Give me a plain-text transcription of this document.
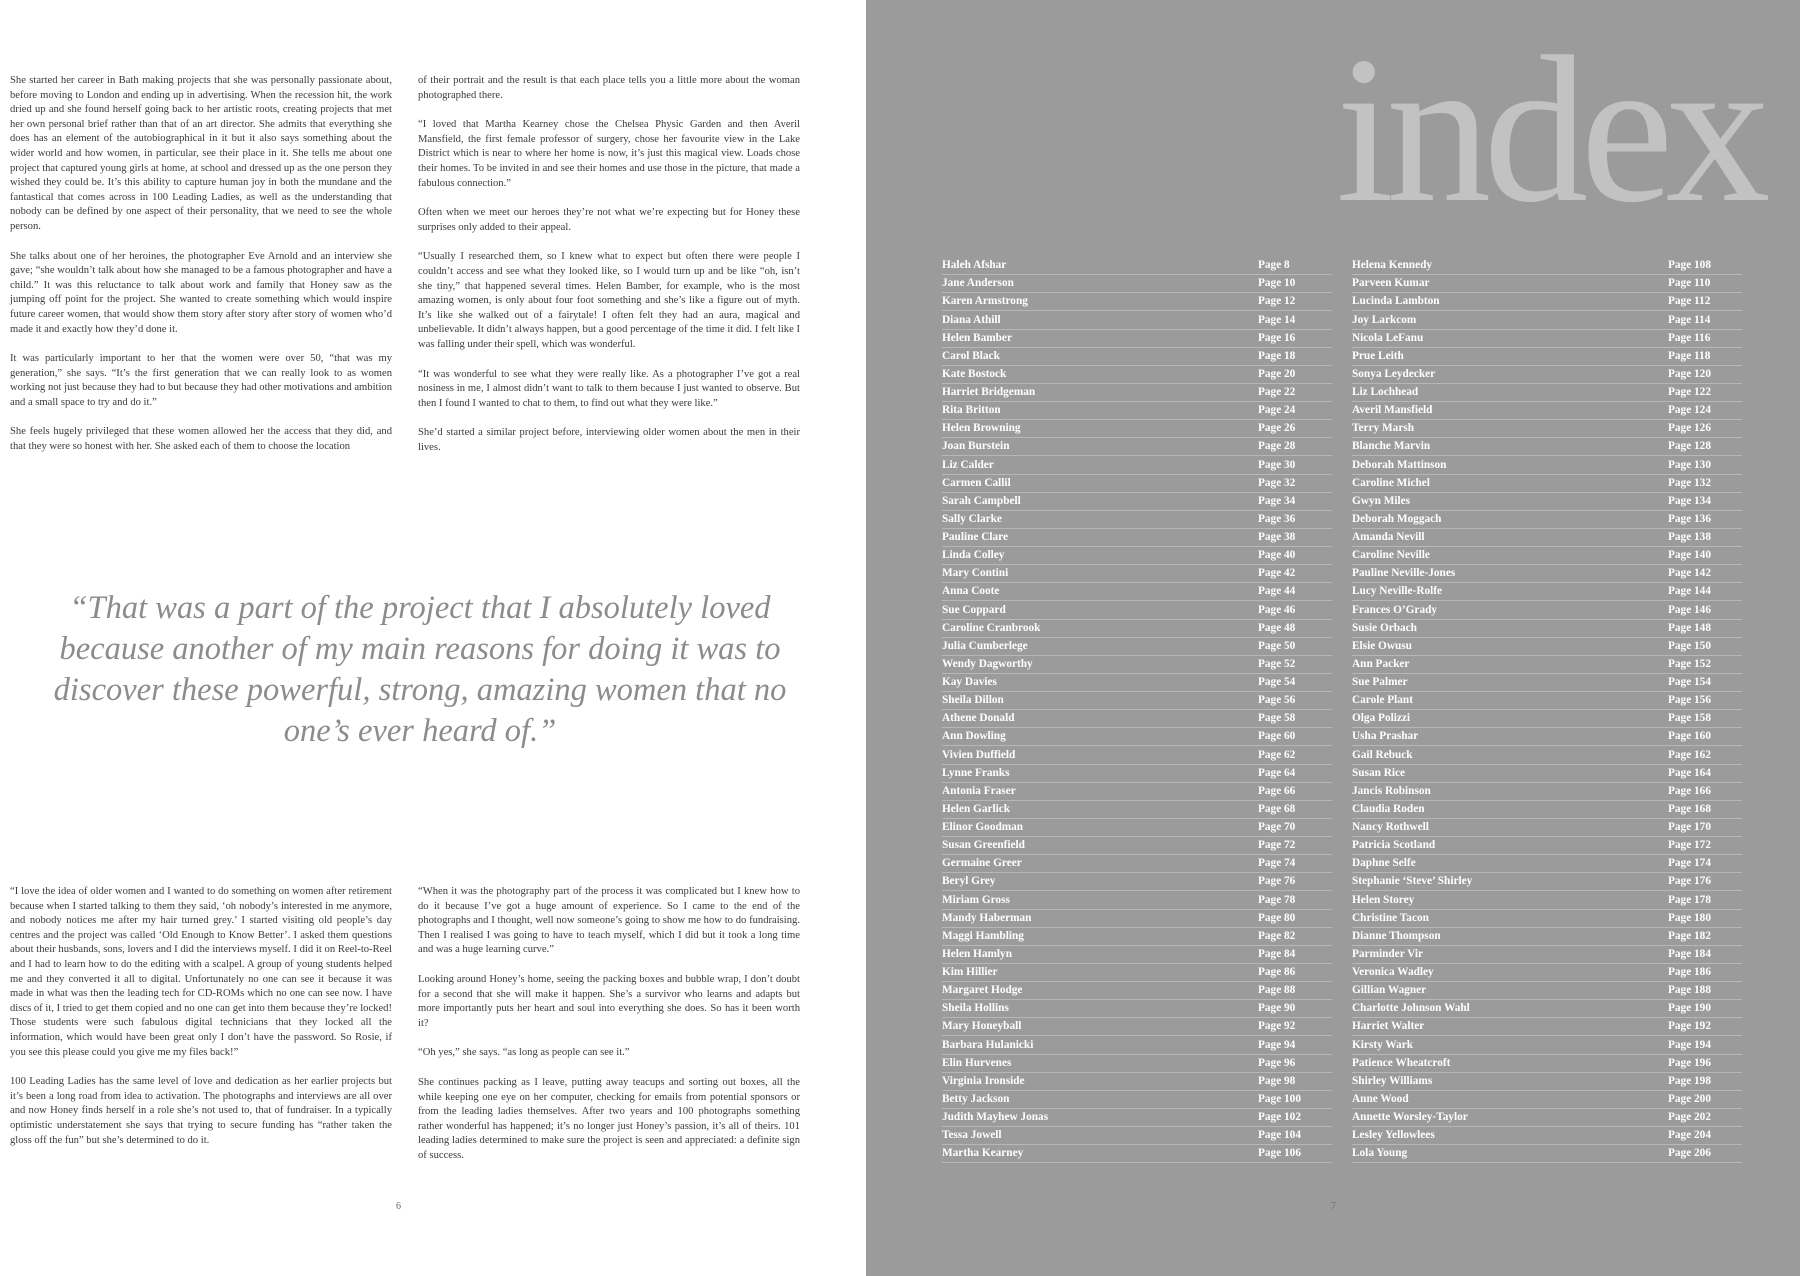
She started her career in Bath making projects that she was personally passionate about, before moving to London and ending up in advertising. When the recession hit, the work dried up and she found herself going back to her artistic roots, creating projects that met her own personal brief rather than that of an art director. She admits that everything she does has an element of the autobiographical in it but it also says something about the wider world and how women, in particular, see their place in it. She tells me about one project that captured young girls at home, at school and dressed up as the one person they wished they could be. It’s this ability to capture human joy in both the mundane and the fantastical that comes across in 100 Leading Ladies, as well as the understanding that nobody can be defined by one aspect of their personality, that we need to see the whole person.

She talks about one of her heroines, the photographer Eve Arnold and an interview she gave; “she wouldn’t talk about how she managed to be a famous photographer and have a child.” It was this reluctance to talk about work and family that Honey saw as the jumping off point for the project. She wanted to create something which would inspire future career women, that would show them story after story after story of women who’d made it and exactly how they’d done it.

It was particularly important to her that the women were over 50, “that was my generation,” she says. “It’s the first generation that we can really look to as women working not just because they had to but because they had other motivations and ambition and a small space to try and do it.”

She feels hugely privileged that these women allowed her the access that they did, and that they were so honest with her. She asked each of them to choose the location

of their portrait and the result is that each place tells you a little more about the woman photographed there.

“I loved that Martha Kearney chose the Chelsea Physic Garden and then Averil Mansfield, the first female professor of surgery, chose her favourite view in the Lake District which is near to where her home is now, it’s just this magical view. Loads chose their homes. To be invited in and see their homes and use those in the picture, that made a fabulous connection.”

Often when we meet our heroes they’re not what we’re expecting but for Honey these surprises only added to their appeal.

“Usually I researched them, so I knew what to expect but often there were people I couldn’t access and see what they looked like, so I would turn up and be like “oh, isn’t she tiny,” that happened several times. Helen Bamber, for example, who is the most amazing women, is only about four foot something and she’s like a figure out of myth. It’s like she walked out of a fairytale! I often felt they had an aura, magical and unbelievable. It didn’t always happen, but a good percentage of the time it did. I felt like I was falling under their spell, which was wonderful.

“It was wonderful to see what they were really like. As a photographer I’ve got a real nosiness in me, I almost didn’t want to talk to them because I just wanted to observe. But then I found I wanted to chat to them, to find out what they were like.”

She’d started a similar project before, interviewing older women about the men in their lives.

“That was a part of the project that I absolutely loved because another of my main reasons for doing it was to discover these powerful, strong, amazing women that no one’s ever heard of.”

“I love the idea of older women and I wanted to do something on women after retirement because when I started talking to them they said, ‘oh nobody’s interested in me anymore, and nobody notices me after my hair turned grey.’ I started visiting old people’s day centres and the project was called ‘Old Enough to Know Better’. I asked them questions about their husbands, sons, lovers and I did the interviews myself. I did it on Reel-to-Reel and I had to learn how to do the editing with a scalpel. A group of young students helped me and they converted it all to digital. Unfortunately no one can see it because it was made in what was then the leading tech for CD-ROMs which no one can see now. I have discs of it, I tried to get them copied and no one can get into them because they’re locked! Those students were such fabulous digital technicians that they locked all the information, which would have been great only I don’t have the password. So Rosie, if you see this please could you give me my files back!”

100 Leading Ladies has the same level of love and dedication as her earlier projects but it’s been a long road from idea to activation. The photographs and interviews are all over and now Honey finds herself in a role she’s not used to, that of fundraiser. In a typically optimistic understatement she says that trying to secure funding has “rather taken the gloss off the fun” but she’s determined to do it.

“When it was the photography part of the process it was complicated but I knew how to do it because I’ve got a huge amount of experience. So I came to the end of the photographs and I thought, well now someone’s going to show me how to do fundraising. Then I realised I was going to have to teach myself, which I did but it took a long time and was a huge learning curve.”

Looking around Honey’s home, seeing the packing boxes and bubble wrap, I don’t doubt for a second that she will make it happen. She’s a survivor who learns and adapts but more importantly puts her heart and soul into everything she does. So has it been worth it?

“Oh yes,” she says. “as long as people can see it.”

She continues packing as I leave, putting away teacups and sorting out boxes, all the while keeping one eye on her computer, checking for emails from potential sponsors or from the leading ladies themselves. After two years and 100 photographs something rather wonderful has happened; it’s no longer just Honey’s passion, it’s all of theirs. 101 leading ladies determined to make sure the project is seen and appreciated: a definite sign of success.

6
index
Haleh Afshar	Page 8
Jane Anderson	Page 10
Karen Armstrong	Page 12
Diana Athill	Page 14
Helen Bamber	Page 16
Carol Black	Page 18
Kate Bostock	Page 20
Harriet Bridgeman	Page 22
Rita Britton	Page 24
Helen Browning	Page 26
Joan Burstein	Page 28
Liz Calder	Page 30
Carmen Callil	Page 32
Sarah Campbell	Page 34
Sally Clarke	Page 36
Pauline Clare	Page 38
Linda Colley	Page 40
Mary Contini	Page 42
Anna Coote	Page 44
Sue Coppard	Page 46
Caroline Cranbrook	Page 48
Julia Cumberlege	Page 50
Wendy Dagworthy	Page 52
Kay Davies	Page 54
Sheila Dillon	Page 56
Athene Donald	Page 58
Ann Dowling	Page 60
Vivien Duffield	Page 62
Lynne Franks	Page 64
Antonia Fraser	Page 66
Helen Garlick	Page 68
Elinor Goodman	Page 70
Susan Greenfield	Page 72
Germaine Greer	Page 74
Beryl Grey	Page 76
Miriam Gross	Page 78
Mandy Haberman	Page 80
Maggi Hambling	Page 82
Helen Hamlyn	Page 84
Kim Hillier	Page 86
Margaret Hodge	Page 88
Sheila Hollins	Page 90
Mary Honeyball	Page 92
Barbara Hulanicki	Page 94
Elin Hurvenes	Page 96
Virginia Ironside	Page 98
Betty Jackson	Page 100
Judith Mayhew Jonas	Page 102
Tessa Jowell	Page 104
Martha Kearney	Page 106
Helena Kennedy	Page 108
Parveen Kumar	Page 110
Lucinda Lambton	Page 112
Joy Larkcom	Page 114
Nicola LeFanu	Page 116
Prue Leith	Page 118
Sonya Leydecker	Page 120
Liz Lochhead	Page 122
Averil Mansfield	Page 124
Terry Marsh	Page 126
Blanche Marvin	Page 128
Deborah Mattinson	Page 130
Caroline Michel	Page 132
Gwyn Miles	Page 134
Deborah Moggach	Page 136
Amanda Nevill	Page 138
Caroline Neville	Page 140
Pauline Neville-Jones	Page 142
Lucy Neville-Rolfe	Page 144
Frances O’Grady	Page 146
Susie Orbach	Page 148
Elsie Owusu	Page 150
Ann Packer	Page 152
Sue Palmer	Page 154
Carole Plant	Page 156
Olga Polizzi	Page 158
Usha Prashar	Page 160
Gail Rebuck	Page 162
Susan Rice	Page 164
Jancis Robinson	Page 166
Claudia Roden	Page 168
Nancy Rothwell	Page 170
Patricia Scotland	Page 172
Daphne Selfe	Page 174
Stephanie ‘Steve’ Shirley	Page 176
Helen Storey	Page 178
Christine Tacon	Page 180
Dianne Thompson	Page 182
Parminder Vir	Page 184
Veronica Wadley	Page 186
Gillian Wagner	Page 188
Charlotte Johnson Wahl	Page 190
Harriet Walter	Page 192
Kirsty Wark	Page 194
Patience Wheatcroft	Page 196
Shirley Williams	Page 198
Anne Wood	Page 200
Annette Worsley-Taylor	Page 202
Lesley Yellowlees	Page 204
Lola Young	Page 206
7
